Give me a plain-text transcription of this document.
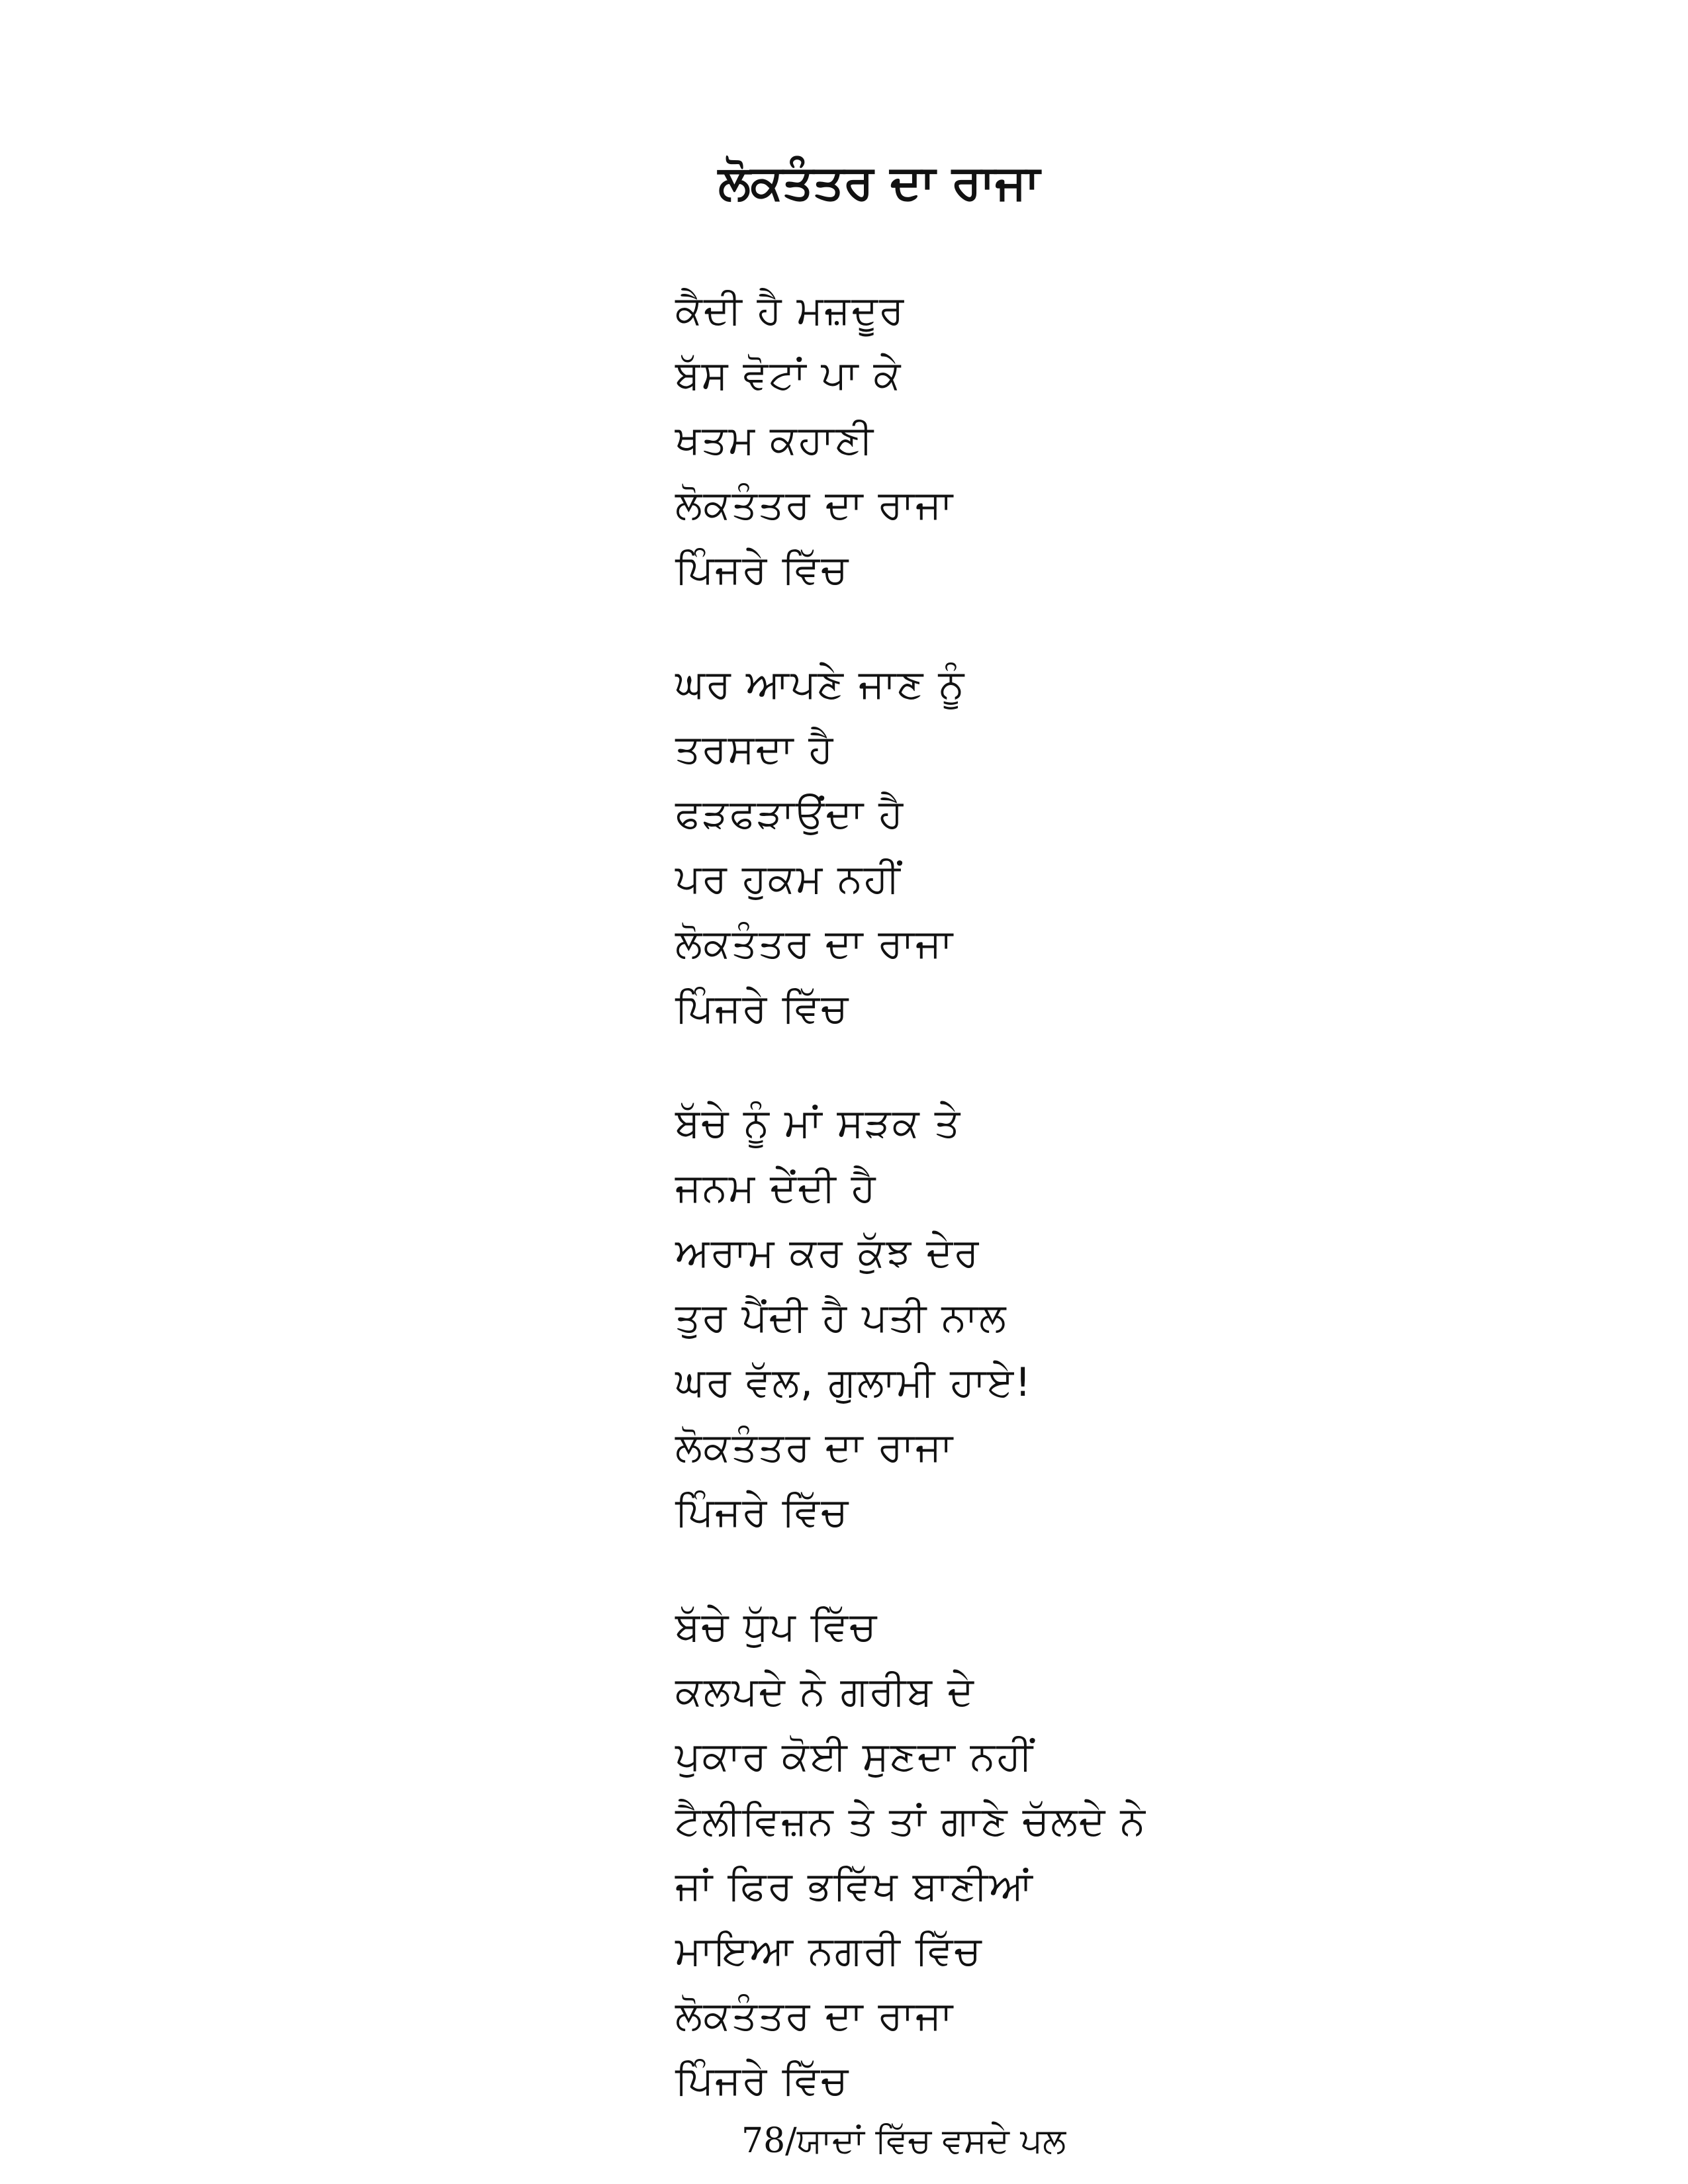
ਲੋਕਤੰਤਰ ਦਾ ਰਾਜਾ
ਕੈਦੀ ਹੈ ਮਜ਼ਦੂਰ
ਬੱਸ ਵੋਟਾਂ ਪਾ ਕੇ
ਖਤਮ ਕਹਾਣੀ
ਲੋਕਤੰਤਰ ਦਾ ਰਾਜਾ
ਪਿੰਜਰੇ ਵਿੱਚ
ਘਰ ਆਪਣੇ ਜਾਣ ਨੂੰ
ਤਰਸਦਾ ਹੈ
ਫੜਫੜਾਉਂਦਾ ਹੈ
ਪਰ ਹੁਕਮ ਨਹੀਂ
ਲੋਕਤੰਤਰ ਦਾ ਰਾਜਾ
ਪਿੰਜਰੇ ਵਿੱਚ
ਬੱਚੇ ਨੂੰ ਮਾਂ ਸੜਕ ਤੇ
ਜਨਮ ਦੇਂਦੀ ਹੈ
ਅਰਾਮ ਕਰ ਕੁੱਝ ਦੇਰ
ਤੁਰ ਪੈਂਦੀ ਹੈ ਪਤੀ ਨਾਲ
ਘਰ ਵੱਲ, ਗੁਲਾਮੀ ਹਾਏ!
ਲੋਕਤੰਤਰ ਦਾ ਰਾਜਾ
ਪਿੰਜਰੇ ਵਿੱਚ
ਬੱਚੇ ਧੁੱਪ ਵਿੱਚ
ਕਲਪਦੇ ਨੇ ਗਰੀਬ ਦੇ
ਪੁਕਾਰ ਕੋਈ ਸੁਣਦਾ ਨਹੀਂ
ਟੈਲੀਵਿਜ਼ਨ ਤੇ ਤਾਂ ਗਾਣੇ ਚੱਲਦੇ ਨੇ
ਜਾਂ ਫਿਰ ਭਵਿੱਖ ਬਾਣੀਆਂ
ਮਾਇਆ ਨਗਰੀ ਵਿੱਚ
ਲੋਕਤੰਤਰ ਦਾ ਰਾਜਾ
ਪਿੰਜਰੇ ਵਿੱਚ
78/ਯਾਦਾਂ ਵਿੱਚ ਵਸਦੇ ਪਲ
